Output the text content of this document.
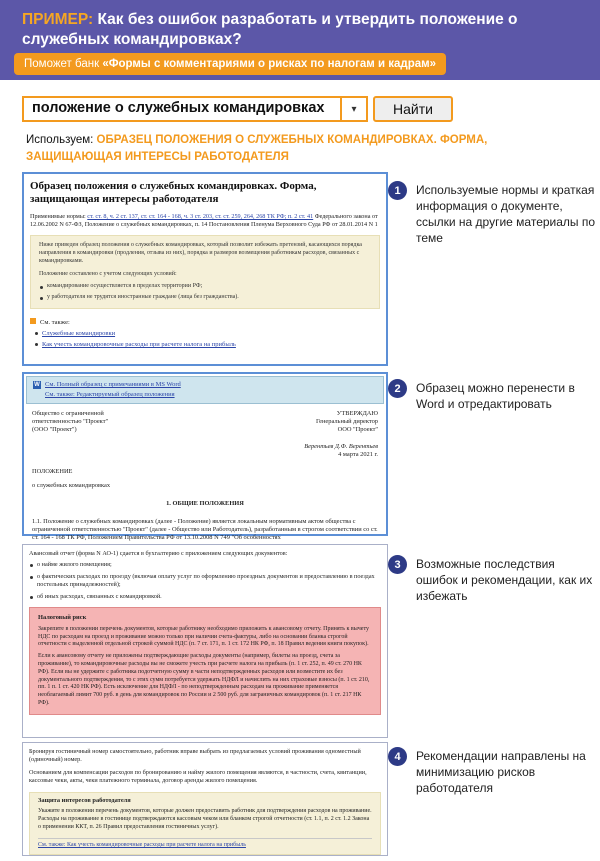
ПРИМЕР: Как без ошибок разработать и утвердить положение о служебных командировках?
Поможет банк «Формы с комментариями о рисках по налогам и кадрам»
положение о служебных командировках	▾	Найти
Используем: ОБРАЗЕЦ ПОЛОЖЕНИЯ О СЛУЖЕБНЫХ КОМАНДИРОВКАХ. ФОРМА, ЗАЩИЩАЮЩАЯ ИНТЕРЕСЫ РАБОТОДАТЕЛЯ
Образец положения о служебных командировках. Форма, защищающая интересы работодателя
Применимые нормы: ст. ст. 8, ч. 2 ст. 137, ст. ст. 164 - 168, ч. 3 ст. 203, ст. ст. 259, 264, 268 ТК РФ; п. 2 ст. 41 Федерального закона от 12.06.2002 N 67-ФЗ, Положение о служебных командировках, п. 14 Постановления Пленума Верховного Суда РФ от 28.01.2014 N 1
Ниже приведен образец положения о служебных командировках, который позволит избежать претензий, касающихся порядка направления в командировки (продления, отзыва из них), порядка и размеров возмещения работникам расходов, связанных с командировками.
Положение составлено с учетом следующих условий:
командирование осуществляется в пределах территории РФ;
у работодателя не трудятся иностранные граждане (лица без гражданства).
См. также:
Служебные командировки
Как учесть командировочные расходы при расчете налога на прибыль
1	Используемые нормы и краткая информация о документе, ссылки на другие материалы по теме
W См. Полный образец с примечаниями в MS Word
См. также: Редактируемый образец положения
Общество с ограниченной
ответственностью "Проект"
(ООО "Проект")
УТВЕРЖДАЮ
Генеральный директор
ООО "Проект"
Верентьев Д.Ф. Верентьев
4 марта 2021 г.
ПОЛОЖЕНИЕ
о служебных командировках
1. ОБЩИЕ ПОЛОЖЕНИЯ
1.1. Положение о служебных командировках (далее - Положение) является локальным нормативным актом общества с ограниченной ответственностью "Проект" (далее - Общество или Работодатель), разработанным в строгом соответствии со ст. ст. 164 - 168 ТК РФ, Положением Правительства РФ от 13.10.2008 N 749 "Об особенностях
2	Образец можно перенести в Word и отредактировать
Авансовый отчет (форма N АО-1) сдается в бухгалтерию с приложением следующих документов:
о найме жилого помещения;
о фактических расходах по проезду (включая оплату услуг по оформлению проездных документов и предоставлению в поездах постельных принадлежностей);
об иных расходах, связанных с командировкой.
Налоговый риск
Закрепите в положении перечень документов, которые работнику необходимо приложить к авансовому отчету. Принять к вычету НДС по расходам на проезд и проживание можно только при наличии счета-фактуры, либо на основании бланка строгой отчетности с выделенной отдельной строкой суммой НДС (п. 7 ст. 171, п. 1 ст. 172 НК РФ, п. 18 Правил ведения книги покупок).
Если к авансовому отчету не приложены подтверждающие расходы документы (например, билеты на проезд, счета за проживание), то командировочные расходы вы не сможете учесть при расчете налога на прибыль (п. 1 ст. 252, п. 49 ст. 270 НК РФ). Если вы не удержите с работника подотчетную сумму в части неподтвержденных расходов или возместите их без документального подтверждения, то с этих сумм потребуется удержать НДФЛ и начислить на них страховые взносы (п. 1 ст. 210, пп. 1 п. 1 ст. 420 НК РФ). Есть исключение для НДФЛ - по неподтвержденным расходам на проживание применяется необлагаемый лимит 700 руб. в день для командировок по России и 2 500 руб. для заграничных командировок (п. 1 ст. 217 НК РФ).
3	Возможные последствия ошибок и рекомендации, как их избежать
Бронируя гостиничный номер самостоятельно, работник вправе выбрать из предлагаемых условий проживания одноместный (одиночный) номер.
Основанием для компенсации расходов по бронированию и найму жилого помещения являются, в частности, счета, квитанции, кассовые чеки, акты, чеки платежного терминала, договор аренды жилого помещения.
Защита интересов работодателя
Укажите в положении перечень документов, которые должен предоставить работник для подтверждения расходов на проживание. Расходы на проживание в гостинице подтверждаются кассовым чеком или бланком строгой отчетности (ст. 1.1, п. 2 ст. 1.2 Закона о применении ККТ, п. 26 Правил предоставления гостиничных услуг).
См. также: Как учесть командировочные расходы при расчете налога на прибыль
4	Рекомендации направлены на минимизацию рисков работодателя
